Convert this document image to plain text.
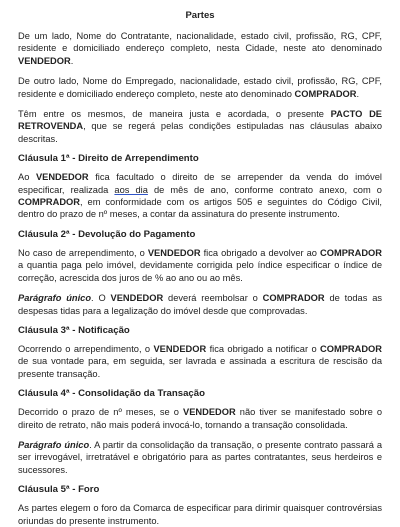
Partes

De um lado, Nome do Contratante, nacionalidade, estado civil, profissão, RG, CPF, residente e domiciliado endereço completo, nesta Cidade, neste ato denominado VENDEDOR.

De outro lado, Nome do Empregado, nacionalidade, estado civil, profissão, RG, CPF, residente e domiciliado endereço completo, neste ato denominado COMPRADOR.

Têm entre os mesmos, de maneira justa e acordada, o presente PACTO DE RETROVENDA, que se regerá pelas condições estipuladas nas cláusulas abaixo descritas.

Cláusula 1ª - Direito de Arrependimento

Ao VENDEDOR fica facultado o direito de se arrepender da venda do imóvel especificar, realizada aos dia de mês de ano, conforme contrato anexo, com o COMPRADOR, em conformidade com os artigos 505 e seguintes do Código Civil, dentro do prazo de nº meses, a contar da assinatura do presente instrumento.

Cláusula 2ª - Devolução do Pagamento

No caso de arrependimento, o VENDEDOR fica obrigado a devolver ao COMPRADOR a quantia paga pelo imóvel, devidamente corrigida pelo índice especificar o índice de correção, acrescida dos juros de % ao ano ou ao mês.

Parágrafo único. O VENDEDOR deverá reembolsar o COMPRADOR de todas as despesas tidas para a legalização do imóvel desde que comprovadas.

Cláusula 3ª - Notificação

Ocorrendo o arrependimento, o VENDEDOR fica obrigado a notificar o COMPRADOR de sua vontade para, em seguida, ser lavrada e assinada a escritura de rescisão da presente transação.

Cláusula 4ª - Consolidação da Transação

Decorrido o prazo de nº meses, se o VENDEDOR não tiver se manifestado sobre o direito de retrato, não mais poderá invocá-lo, tornando a transação consolidada.

Parágrafo único. A partir da consolidação da transação, o presente contrato passará a ser irrevogável, irretratável e obrigatório para as partes contratantes, seus herdeiros e sucessores.

Cláusula 5ª - Foro

As partes elegem o foro da Comarca de especificar para dirimir quaisquer controvérsias oriundas do presente instrumento.
